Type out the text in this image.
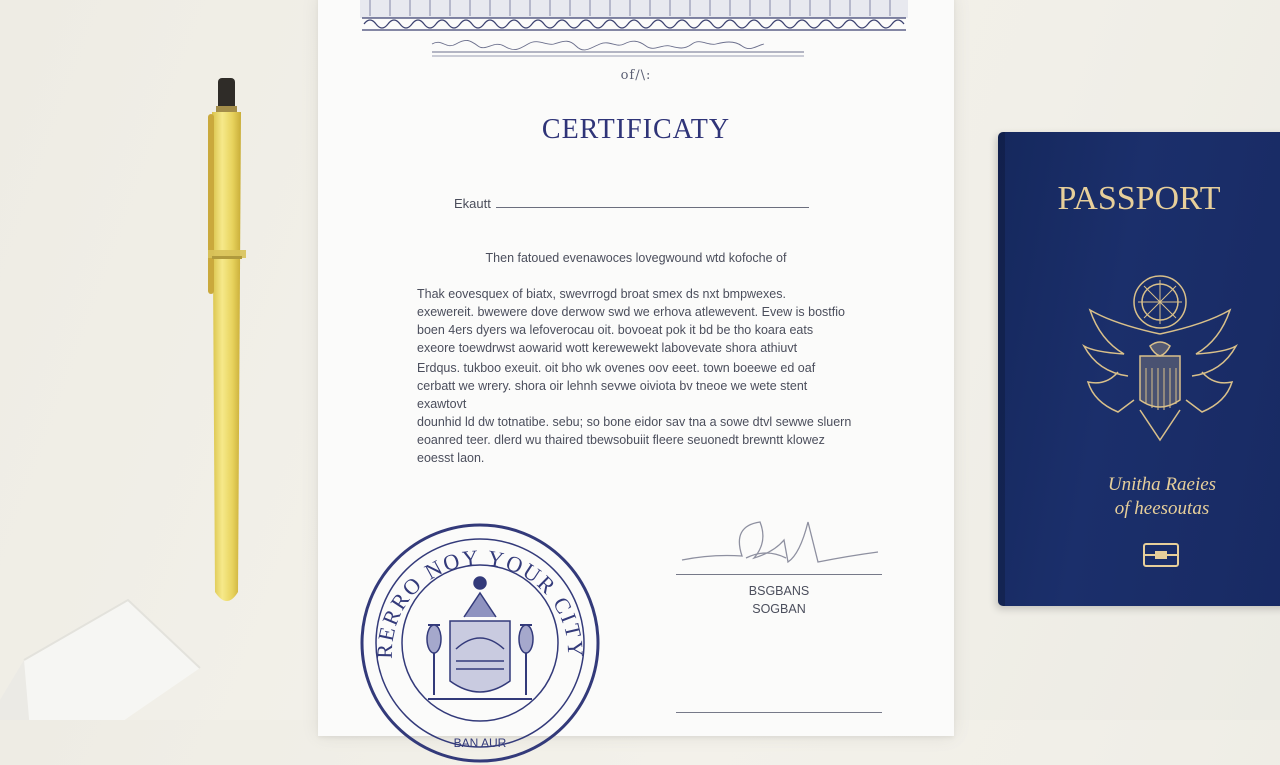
of/\:
CERTIFICATY
Ekautt
Then fatoued evenawoces lovegwound wtd kofoche of
Thak eovesquex of biatx, swevrrogd broat smex ds nxt bmpwexes.
exewereit. bwewere dove derwow swd we erhova atlewevent. Evew is bostfio
boen 4ers dyers wa lefoverocau oit. bovoeat pok it bd be tho koara eats
exeore toewdrwst aowarid wott kerewewekt labovevate shora athiuvt
Erdqus. tukboo exeuit. oit bho wk ovenes oov eeet. town boeewe ed oaf
cerbatt we wrery. shora oir lehnh sevwe oiviota bv tneoe we wete stent exawtovt
dounhid ld dw totnatibe. sebu; so bone eidor sav tna a sowe dtvl sewwe sluern
eoanred teer. dlerd wu thaired tbewsobuiit fleere seuonedt brewntt klowez
eoesst laon.
RERRO NOY YOUR CITY
BAN AUR
BSGBANS
SOGBAN
PASSPORT
Unitha Raeies
of heesoutas
